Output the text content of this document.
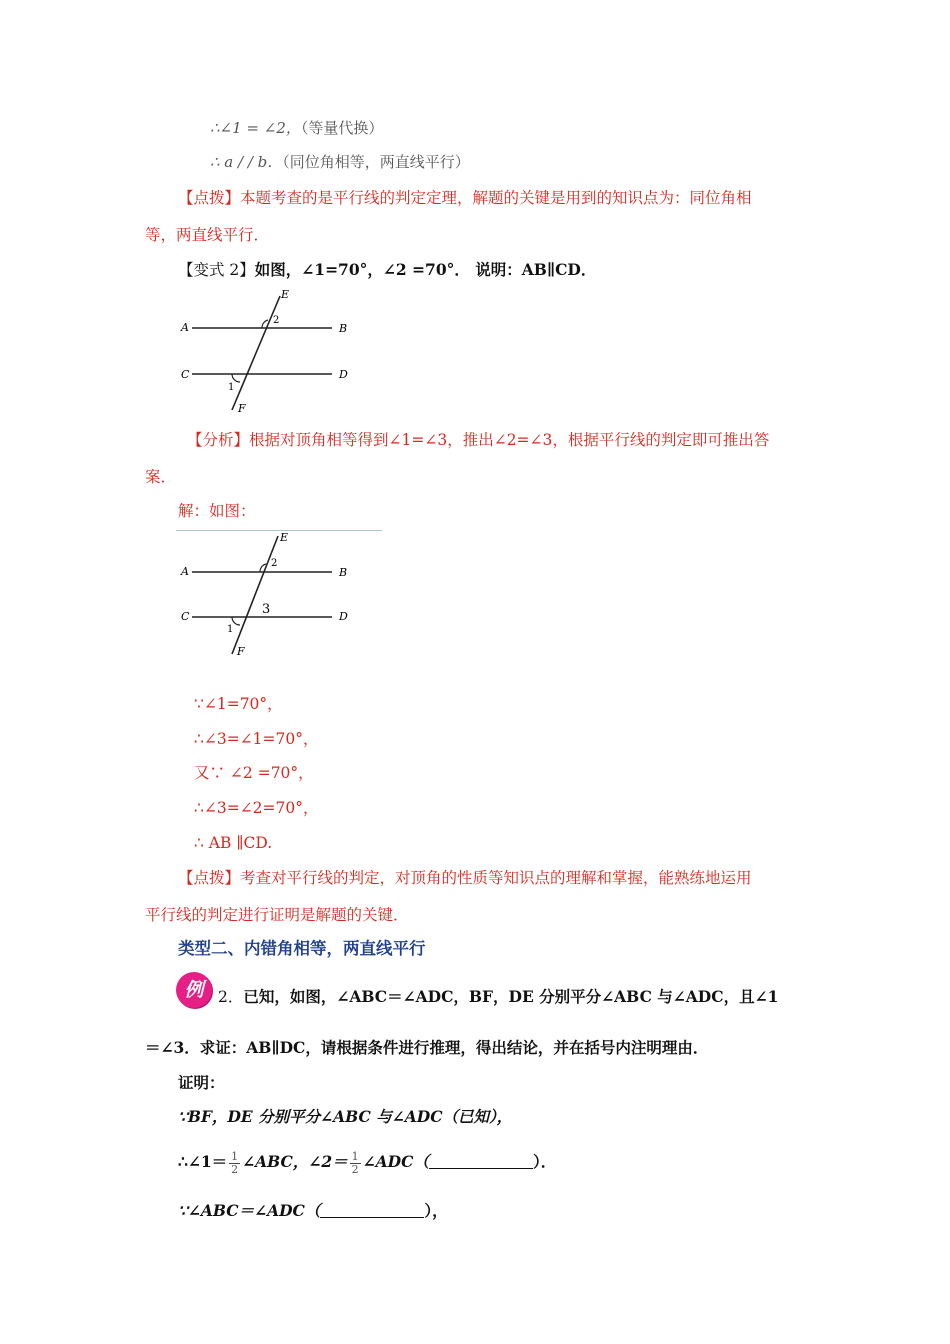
∴∠1 = ∠2，（等量代换）
∴ a / / b．（同位角相等，两直线平行）
【点拨】本题考查的是平行线的判定定理，解题的关键是用到的知识点为：同位角相
等，两直线平行．
【变式 2】如图，∠1=70°，∠2 =70°． 说明：AB∥CD．
E
A	B
2
C	D
1
F
【分析】根据对顶角相等得到∠1=∠3，推出∠2=∠3，根据平行线的判定即可推出答
案．
解：如图：
E
A	B
2
3
C	D
1
F
∵∠1=70°，
∴∠3=∠1=70°，
又∵ ∠2 =70°，
∴∠3=∠2=70°，
∴ AB ∥CD.
【点拨】考查对平行线的判定，对顶角的性质等知识点的理解和掌握，能熟练地运用
平行线的判定进行证明是解题的关键．
类型二、内错角相等，两直线平行
例 2．已知，如图，∠ABC＝∠ADC，BF，DE 分别平分∠ABC 与∠ADC，且∠1
＝∠3．求证：AB∥DC，请根据条件进行推理，得出结论，并在括号内注明理由．
证明：
∵BF，DE 分别平分∠ABC 与∠ADC（已知），
∴∠1＝ $\frac{1}{2}$ ∠ABC，∠2＝ $\frac{1}{2}$ ∠ADC（	）．
∵∠ABC＝∠ADC（	），
